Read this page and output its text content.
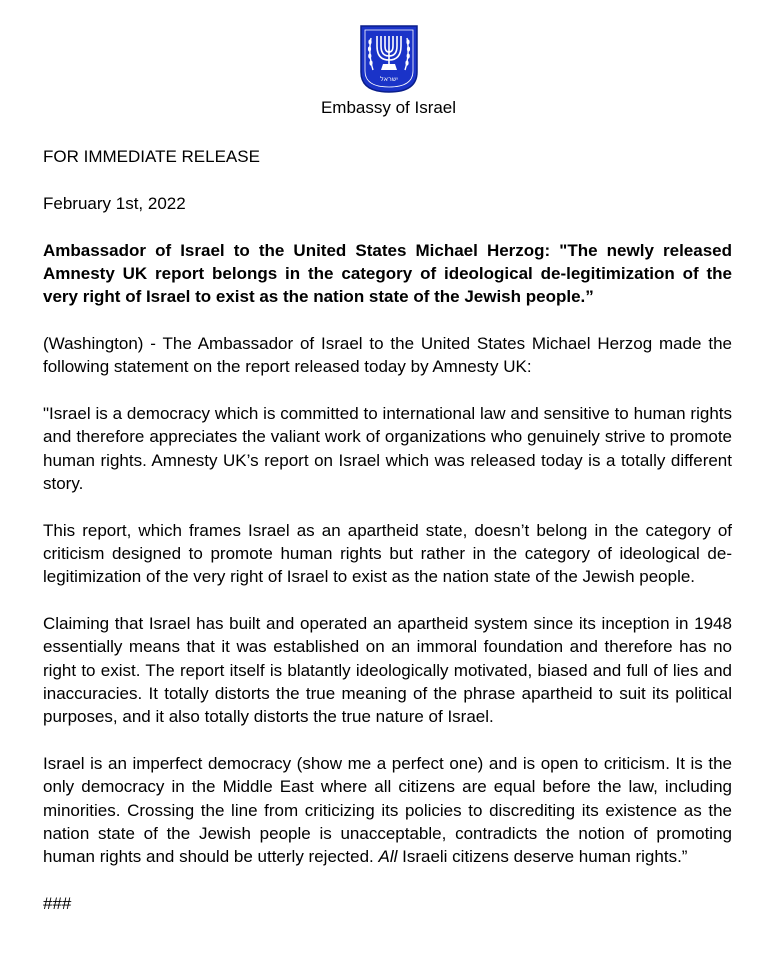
ישראל
Embassy of Israel

FOR IMMEDIATE RELEASE

February 1st, 2022

Ambassador of Israel to the United States Michael Herzog: "The newly released Amnesty UK report belongs in the category of ideological de-legitimization of the very right of Israel to exist as the nation state of the Jewish people.”

(Washington) - The Ambassador of Israel to the United States Michael Herzog made the following statement on the report released today by Amnesty UK:

"Israel is a democracy which is committed to international law and sensitive to human rights and therefore appreciates the valiant work of organizations who genuinely strive to promote human rights. Amnesty UK’s report on Israel which was released today is a totally different story.

This report, which frames Israel as an apartheid state, doesn’t belong in the category of criticism designed to promote human rights but rather in the category of ideological de-legitimization of the very right of Israel to exist as the nation state of the Jewish people.

Claiming that Israel has built and operated an apartheid system since its inception in 1948 essentially means that it was established on an immoral foundation and therefore has no right to exist. The report itself is blatantly ideologically motivated, biased and full of lies and inaccuracies. It totally distorts the true meaning of the phrase apartheid to suit its political purposes, and it also totally distorts the true nature of Israel.

Israel is an imperfect democracy (show me a perfect one) and is open to criticism. It is the only democracy in the Middle East where all citizens are equal before the law, including minorities. Crossing the line from criticizing its policies to discrediting its existence as the nation state of the Jewish people is unacceptable, contradicts the notion of promoting human rights and should be utterly rejected. All Israeli citizens deserve human rights.”

###
